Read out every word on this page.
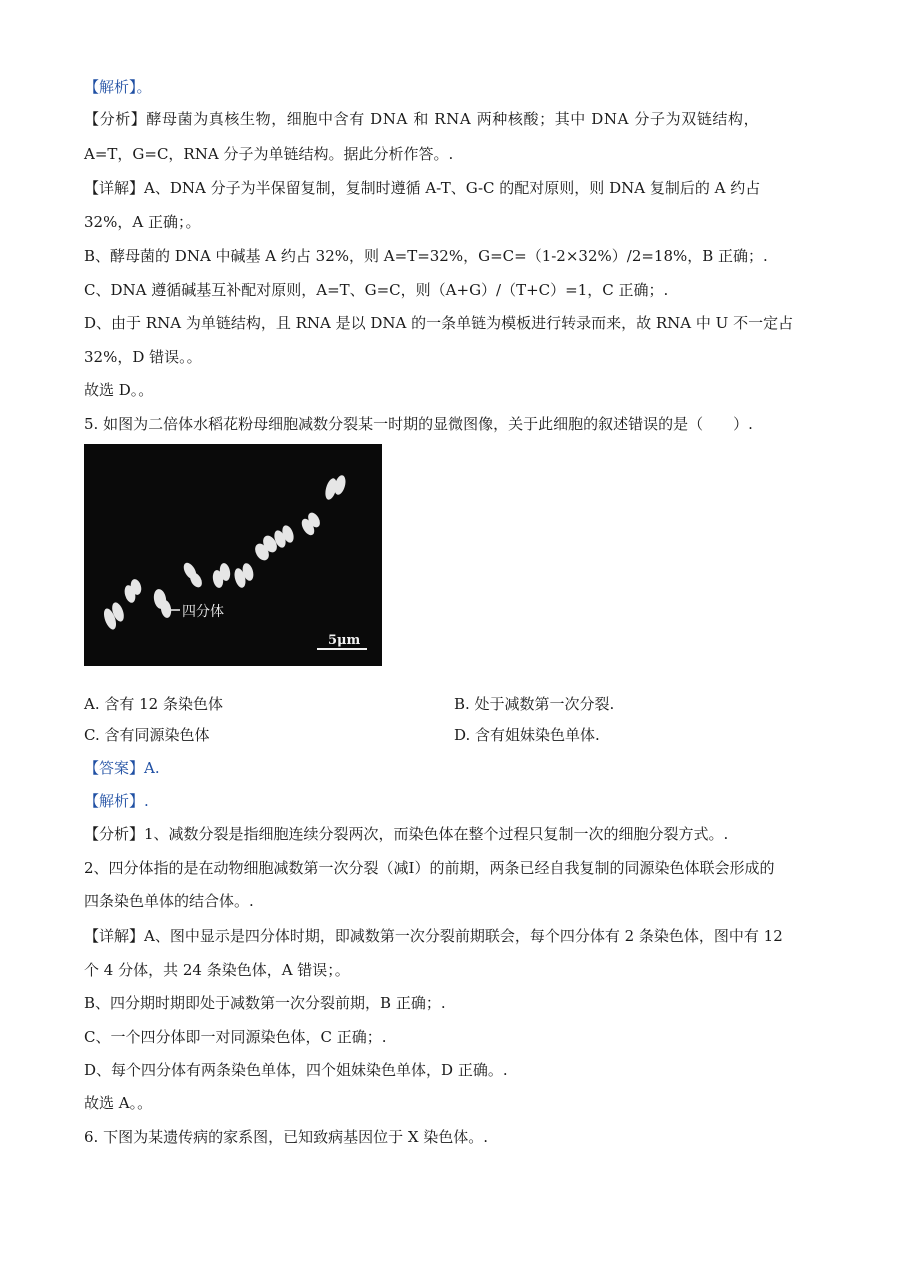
【解析】。
【分析】酵母菌为真核生物，细胞中含有 DNA 和 RNA 两种核酸；其中 DNA 分子为双链结构，
A=T，G=C，RNA 分子为单链结构。据此分析作答。.
【详解】A、DNA 分子为半保留复制，复制时遵循 A-T、G-C 的配对原则，则 DNA 复制后的 A 约占
32%，A 正确；。
B、酵母菌的 DNA 中碱基 A 约占 32%，则 A=T=32%，G=C=（1-2×32%）/2=18%，B 正确；.
C、DNA 遵循碱基互补配对原则，A=T、G=C，则（A+G）/（T+C）=1，C 正确；.
D、由于 RNA 为单链结构，且 RNA 是以 DNA 的一条单链为模板进行转录而来，故 RNA 中 U 不一定占
32%，D 错误。。
故选 D。。
5. 如图为二倍体水稻花粉母细胞减数分裂某一时期的显微图像，关于此细胞的叙述错误的是（　　）.
四分体
5μm
A. 含有 12 条染色体	B. 处于减数第一次分裂.
C. 含有同源染色体	D. 含有姐妹染色单体.
【答案】A.
【解析】.
【分析】1、减数分裂是指细胞连续分裂两次，而染色体在整个过程只复制一次的细胞分裂方式。.
2、四分体指的是在动物细胞减数第一次分裂（减Ⅰ）的前期，两条已经自我复制的同源染色体联会形成的
四条染色单体的结合体。.
【详解】A、图中显示是四分体时期，即减数第一次分裂前期联会，每个四分体有 2 条染色体，图中有 12
个 4 分体，共 24 条染色体，A 错误；。
B、四分期时期即处于减数第一次分裂前期，B 正确；.
C、一个四分体即一对同源染色体，C 正确；.
D、每个四分体有两条染色单体，四个姐妹染色单体，D 正确。.
故选 A。。
6. 下图为某遗传病的家系图，已知致病基因位于 X 染色体。.
